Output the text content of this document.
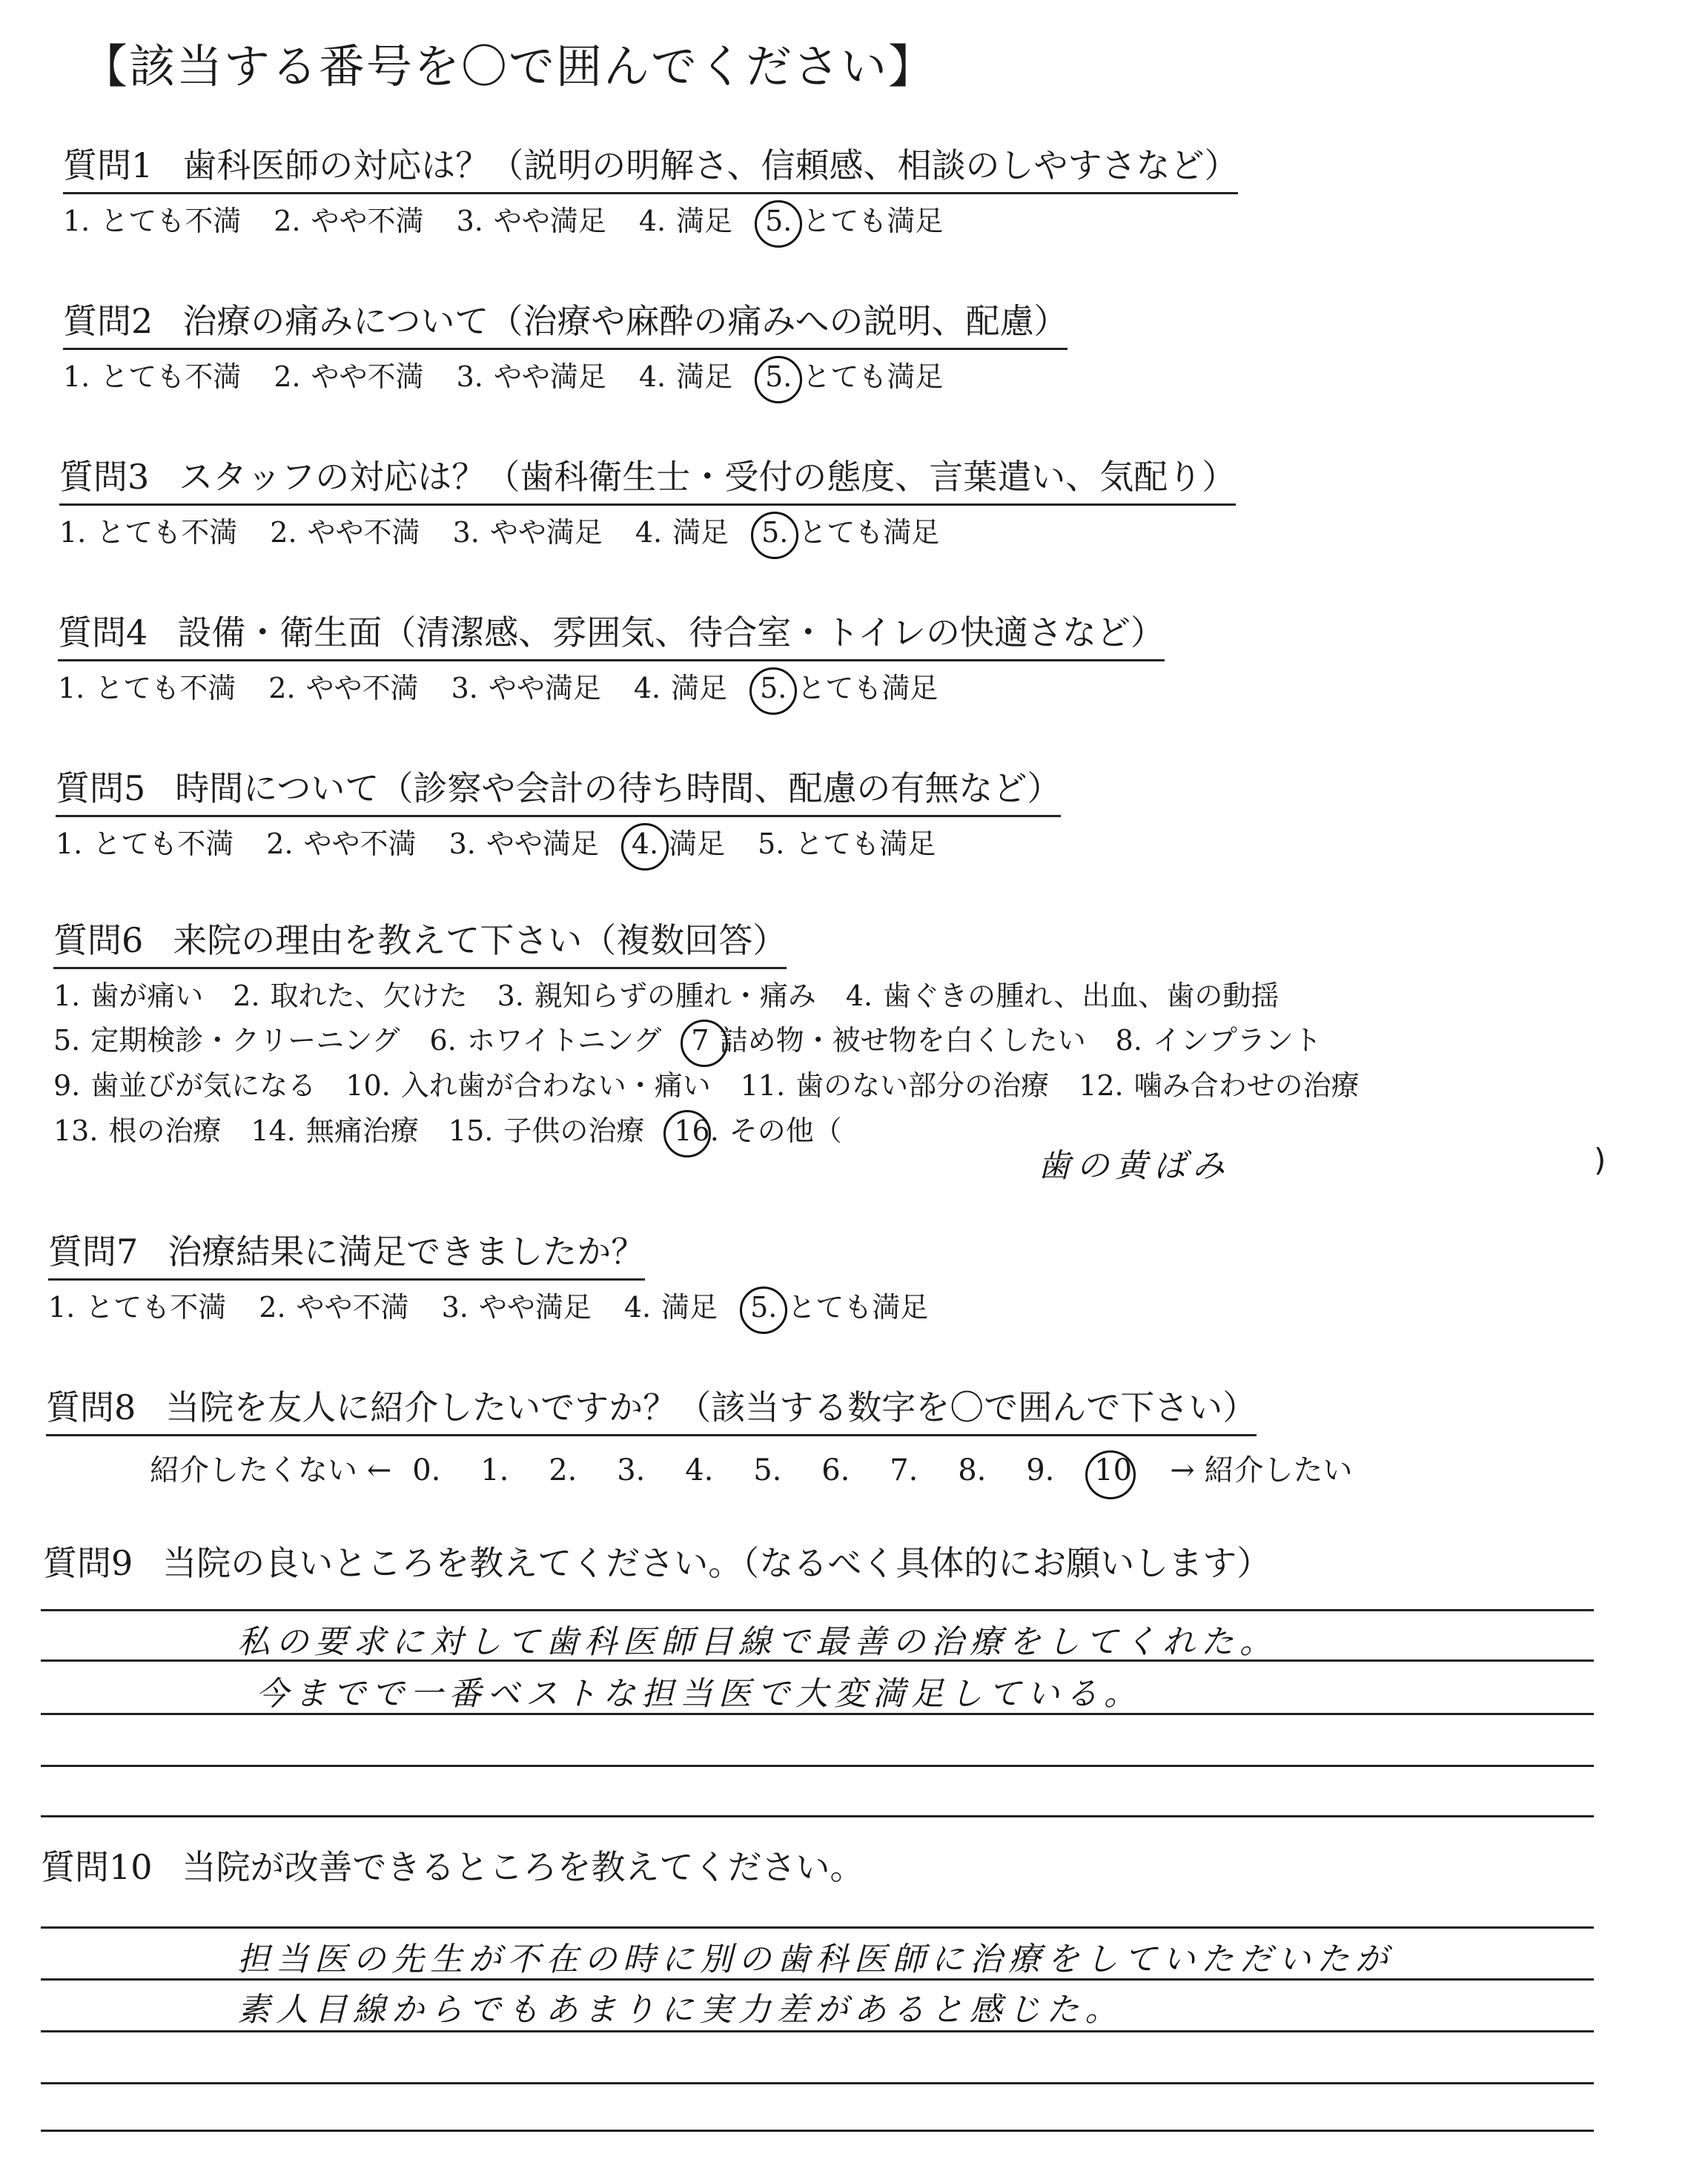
【該当する番号を〇で囲んでください】
質問1 歯科医師の対応は？（説明の明解さ、信頼感、相談のしやすさなど）
1. とても不満 2. やや不満 3. やや満足 4. 満足 5. とても満足
質問2 治療の痛みについて（治療や麻酔の痛みへの説明、配慮）
1. とても不満 2. やや不満 3. やや満足 4. 満足 5. とても満足
質問3 スタッフの対応は？（歯科衛生士・受付の態度、言葉遣い、気配り）
1. とても不満 2. やや不満 3. やや満足 4. 満足 5. とても満足
質問4 設備・衛生面（清潔感、雰囲気、待合室・トイレの快適さなど）
1. とても不満 2. やや不満 3. やや満足 4. 満足 5. とても満足
質問5 時間について（診察や会計の待ち時間、配慮の有無など）
1. とても不満 2. やや不満 3. やや満足 4. 満足 5. とても満足
質問6 来院の理由を教えて下さい（複数回答）
1. 歯が痛い 2. 取れた、欠けた 3. 親知らずの腫れ・痛み 4. 歯ぐきの腫れ、出血、歯の動揺
5. 定期検診・クリーニング 6. ホワイトニング 7 詰め物・被せ物を白くしたい 8. インプラント
9. 歯並びが気になる 10. 入れ歯が合わない・痛い 11. 歯のない部分の治療 12. 噛み合わせの治療
13. 根の治療 14. 無痛治療 15. 子供の治療 16. その他（
歯の黄ばみ	)
質問7 治療結果に満足できましたか？
1. とても不満 2. やや不満 3. やや満足 4. 満足 5. とても満足
質問8 当院を友人に紹介したいですか？（該当する数字を〇で囲んで下さい）
紹介したくない ← 0. 1. 2. 3. 4. 5. 6. 7. 8. 9. 10 → 紹介したい
質問9 当院の良いところを教えてください。（なるべく具体的にお願いします）
私の要求に対して歯科医師目線で最善の治療をしてくれた。
今までで一番ベストな担当医で大変満足している。
質問10 当院が改善できるところを教えてください。
担当医の先生が不在の時に別の歯科医師に治療をしていただいたが
素人目線からでもあまりに実力差があると感じた。
